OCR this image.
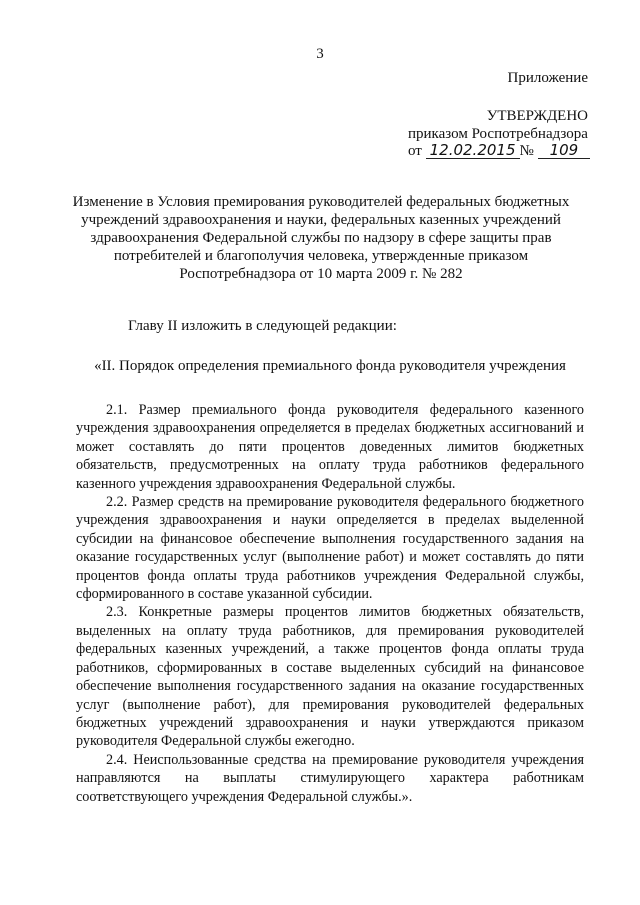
3
Приложение
УТВЕРЖДЕНО
приказом Роспотребнадзора
от 12.02.2015 № 109
Изменение в Условия премирования руководителей федеральных бюджетных учреждений здравоохранения и науки, федеральных казенных учреждений здравоохранения Федеральной службы по надзору в сфере защиты прав потребителей и благополучия человека, утвержденные приказом Роспотребнадзора от 10 марта 2009 г. № 282
Главу II изложить в следующей редакции:
«II. Порядок определения премиального фонда руководителя учреждения

2.1. Размер премиального фонда руководителя федерального казенного учреждения здравоохранения определяется в пределах бюджетных ассигнований и может составлять до пяти процентов доведенных лимитов бюджетных обязательств, предусмотренных на оплату труда работников федерального казенного учреждения здравоохранения Федеральной службы.

2.2. Размер средств на премирование руководителя федерального бюджетного учреждения здравоохранения и науки определяется в пределах выделенной субсидии на финансовое обеспечение выполнения государственного задания на оказание государственных услуг (выполнение работ) и может составлять до пяти процентов фонда оплаты труда работников учреждения Федеральной службы, сформированного в составе указанной субсидии.

2.3. Конкретные размеры процентов лимитов бюджетных обязательств, выделенных на оплату труда работников, для премирования руководителей федеральных казенных учреждений, а также процентов фонда оплаты труда работников, сформированных в составе выделенных субсидий на финансовое обеспечение выполнения государственного задания на оказание государственных услуг (выполнение работ), для премирования руководителей федеральных бюджетных учреждений здравоохранения и науки утверждаются приказом руководителя Федеральной службы ежегодно.

2.4. Неиспользованные средства на премирование руководителя учреждения направляются на выплаты стимулирующего характера работникам соответствующего учреждения Федеральной службы.».
